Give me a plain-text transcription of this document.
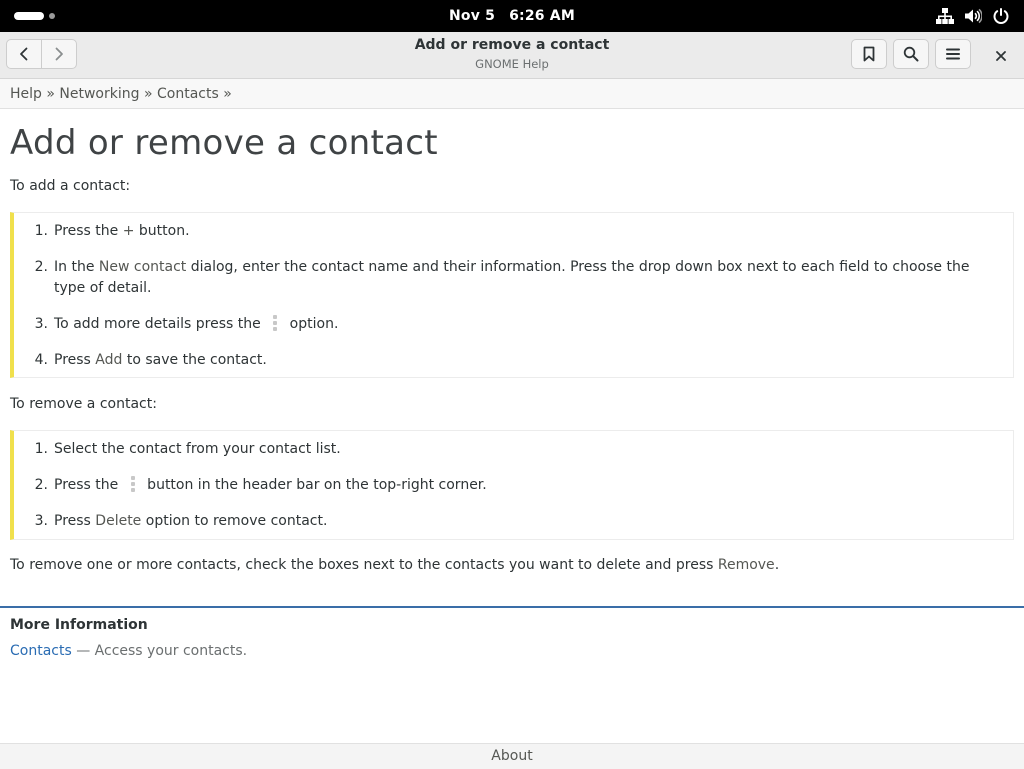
Nov 5 6:26 AM
Add or remove a contact
GNOME Help
Help » Networking » Contacts »
Add or remove a contact
To add a contact:
1. Press the + button.
2. In the New contact dialog, enter the contact name and their information. Press the drop down box next to each field to choose the type of detail.
3. To add more details press the
option.
4. Press Add to save the contact.
To remove a contact:
1. Select the contact from your contact list.
2. Press the
button in the header bar on the top-right corner.
3. Press Delete option to remove contact.
To remove one or more contacts, check the boxes next to the contacts you want to delete and press Remove.
More Information
Contacts — Access your contacts.
About
